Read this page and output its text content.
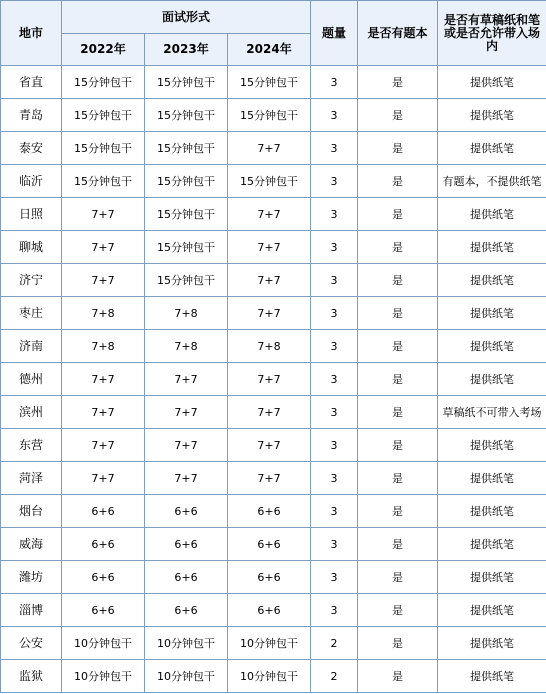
地市	面试形式			题量	是否有题本	是否有草稿纸和笔或是否允许带入场内
	2022年	2023年	2024年			
省直	15分钟包干	15分钟包干	15分钟包干	3	是	提供纸笔
青岛	15分钟包干	15分钟包干	15分钟包干	3	是	提供纸笔
泰安	15分钟包干	15分钟包干	7+7	3	是	提供纸笔
临沂	15分钟包干	15分钟包干	15分钟包干	3	是	有题本，不提供纸笔
日照	7+7	15分钟包干	7+7	3	是	提供纸笔
聊城	7+7	15分钟包干	7+7	3	是	提供纸笔
济宁	7+7	15分钟包干	7+7	3	是	提供纸笔
枣庄	7+8	7+8	7+7	3	是	提供纸笔
济南	7+8	7+8	7+8	3	是	提供纸笔
德州	7+7	7+7	7+7	3	是	提供纸笔
滨州	7+7	7+7	7+7	3	是	草稿纸不可带入考场
东营	7+7	7+7	7+7	3	是	提供纸笔
菏泽	7+7	7+7	7+7	3	是	提供纸笔
烟台	6+6	6+6	6+6	3	是	提供纸笔
威海	6+6	6+6	6+6	3	是	提供纸笔
潍坊	6+6	6+6	6+6	3	是	提供纸笔
淄博	6+6	6+6	6+6	3	是	提供纸笔
公安	10分钟包干	10分钟包干	10分钟包干	2	是	提供纸笔
监狱	10分钟包干	10分钟包干	10分钟包干	2	是	提供纸笔
